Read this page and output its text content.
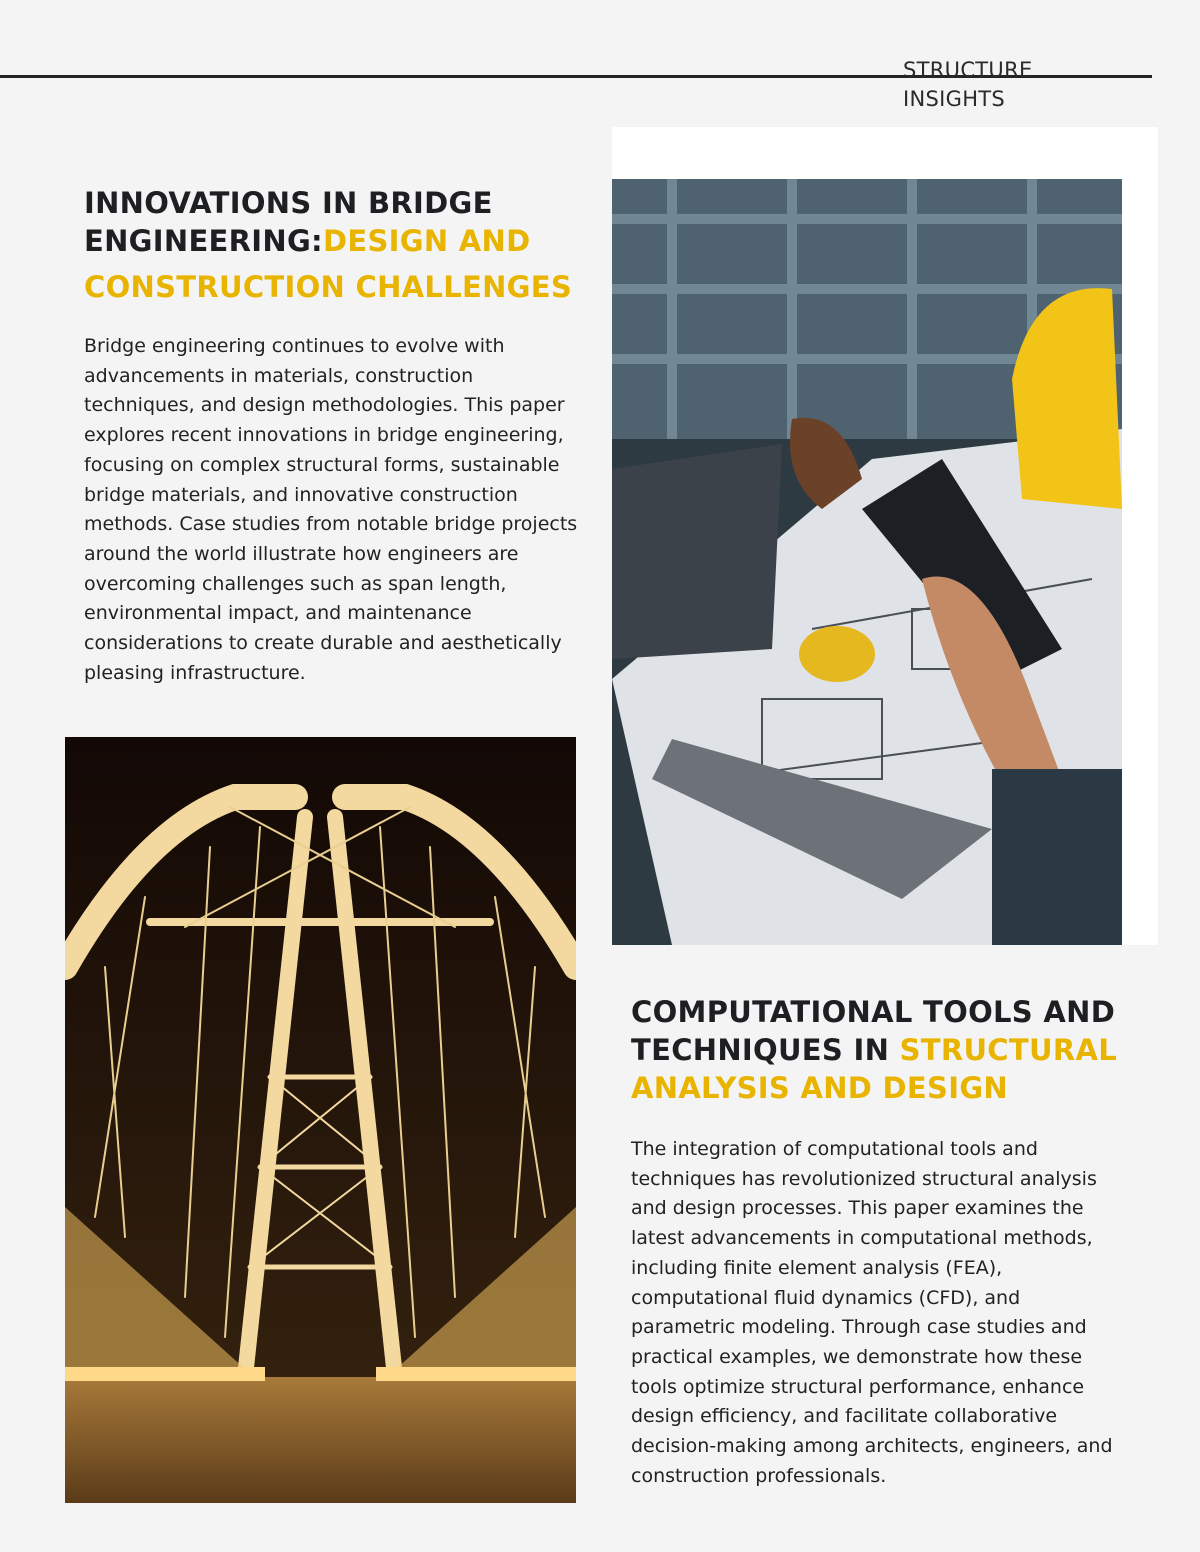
STRUCTURE
INSIGHTS
INNOVATIONS IN BRIDGE
ENGINEERING:DESIGN AND
CONSTRUCTION CHALLENGES

Bridge engineering continues to evolve with advancements in materials, construction techniques, and design methodologies. This paper explores recent innovations in bridge engineering, focusing on complex structural forms, sustainable bridge materials, and innovative construction methods. Case studies from notable bridge projects around the world illustrate how engineers are overcoming challenges such as span length, environmental impact, and maintenance considerations to create durable and aesthetically pleasing infrastructure.

COMPUTATIONAL TOOLS AND
TECHNIQUES IN STRUCTURAL
ANALYSIS AND DESIGN

The integration of computational tools and techniques has revolutionized structural analysis and design processes. This paper examines the latest advancements in computational methods, including finite element analysis (FEA), computational fluid dynamics (CFD), and parametric modeling. Through case studies and practical examples, we demonstrate how these tools optimize structural performance, enhance design efficiency, and facilitate collaborative decision-making among architects, engineers, and construction professionals.
